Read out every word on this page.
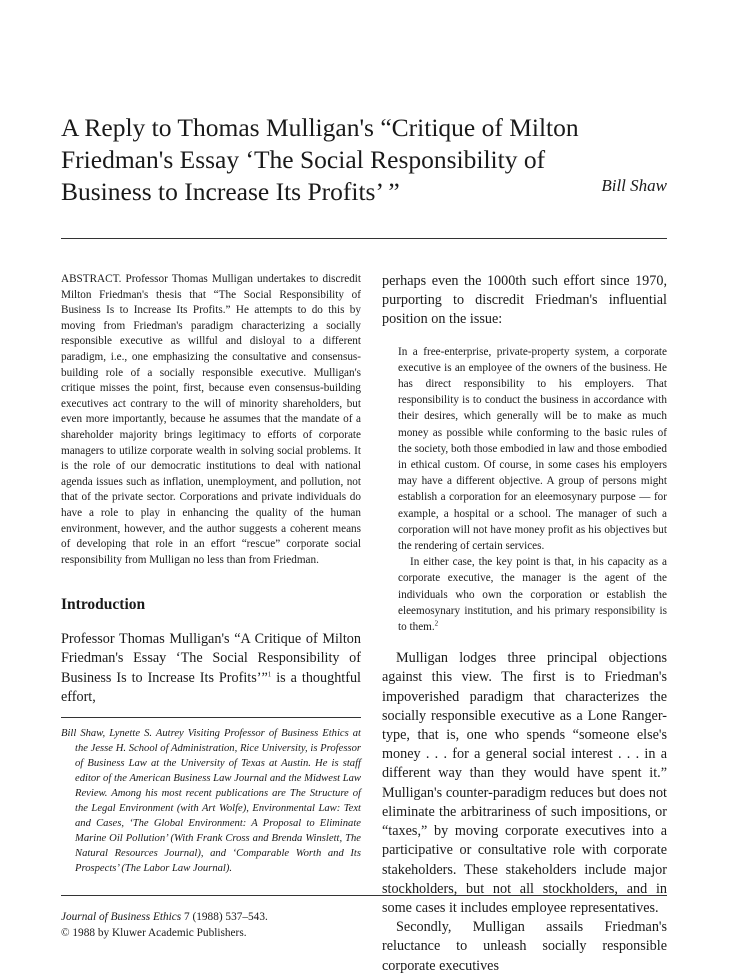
A Reply to Thomas Mulligan's “Critique of Milton
Friedman's Essay ‘The Social Responsibility of
Business to Increase Its Profits’ ”	Bill Shaw

ABSTRACT. Professor Thomas Mulligan undertakes to discredit Milton Friedman's thesis that “The Social Responsibility of Business Is to Increase Its Profits.” He attempts to do this by moving from Friedman's paradigm characterizing a socially responsible executive as willful and disloyal to a different paradigm, i.e., one emphasizing the consultative and consensus-building role of a socially responsible executive. Mulligan's critique misses the point, first, because even consensus-building executives act contrary to the will of minority shareholders, but even more importantly, because he assumes that the mandate of a shareholder majority brings legitimacy to efforts of corporate managers to utilize corporate wealth in solving social problems. It is the role of our democratic institutions to deal with national agenda issues such as inflation, unemployment, and pollution, not that of the private sector. Corporations and private individuals do have a role to play in enhancing the quality of the human environment, however, and the author suggests a coherent means of developing that role in an effort “rescue” corporate social responsibility from Mulligan no less than from Friedman.

Introduction

Professor Thomas Mulligan's “A Critique of Milton Friedman's Essay ‘The Social Responsibility of Business Is to Increase Its Profits’”$^1$ is a thoughtful effort,

Bill Shaw, Lynette S. Autrey Visiting Professor of Business Ethics at the Jesse H. School of Administration, Rice University, is Professor of Business Law at the University of Texas at Austin. He is staff editor of the American Business Law Journal and the Midwest Law Review. Among his most recent publications are The Structure of the Legal Environment (with Art Wolfe), Environmental Law: Text and Cases, ‘The Global Environment: A Proposal to Eliminate Marine Oil Pollution’ (With Frank Cross and Brenda Winslett, The Natural Resources Journal), and ‘Comparable Worth and Its Prospects’ (The Labor Law Journal).

perhaps even the 1000th such effort since 1970, purporting to discredit Friedman's influential position on the issue:

In a free-enterprise, private-property system, a corporate executive is an employee of the owners of the business. He has direct responsibility to his employers. That responsibility is to conduct the business in accordance with their desires, which generally will be to make as much money as possible while conforming to the basic rules of the society, both those embodied in law and those embodied in ethical custom. Of course, in some cases his employers may have a different objective. A group of persons might establish a corporation for an eleemosynary purpose — for example, a hospital or a school. The manager of such a corporation will not have money profit as his objectives but the rendering of certain services.

In either case, the key point is that, in his capacity as a corporate executive, the manager is the agent of the individuals who own the corporation or establish the eleemosynary institution, and his primary responsibility is to them.$^2$

Mulligan lodges three principal objections against this view. The first is to Friedman's impoverished paradigm that characterizes the socially responsible executive as a Lone Ranger-type, that is, one who spends “someone else's money . . . for a general social interest . . . in a different way than they would have spent it.” Mulligan's counter-paradigm reduces but does not eliminate the arbitrariness of such impositions, or “taxes,” by moving corporate executives into a participative or consultative role with corporate stakeholders. These stakeholders include major stockholders, but not all stockholders, and in some cases it includes employee representatives.

Secondly, Mulligan assails Friedman's reluctance to unleash socially responsible corporate executives

Journal of Business Ethics 7 (1988) 537–543.
© 1988 by Kluwer Academic Publishers.
